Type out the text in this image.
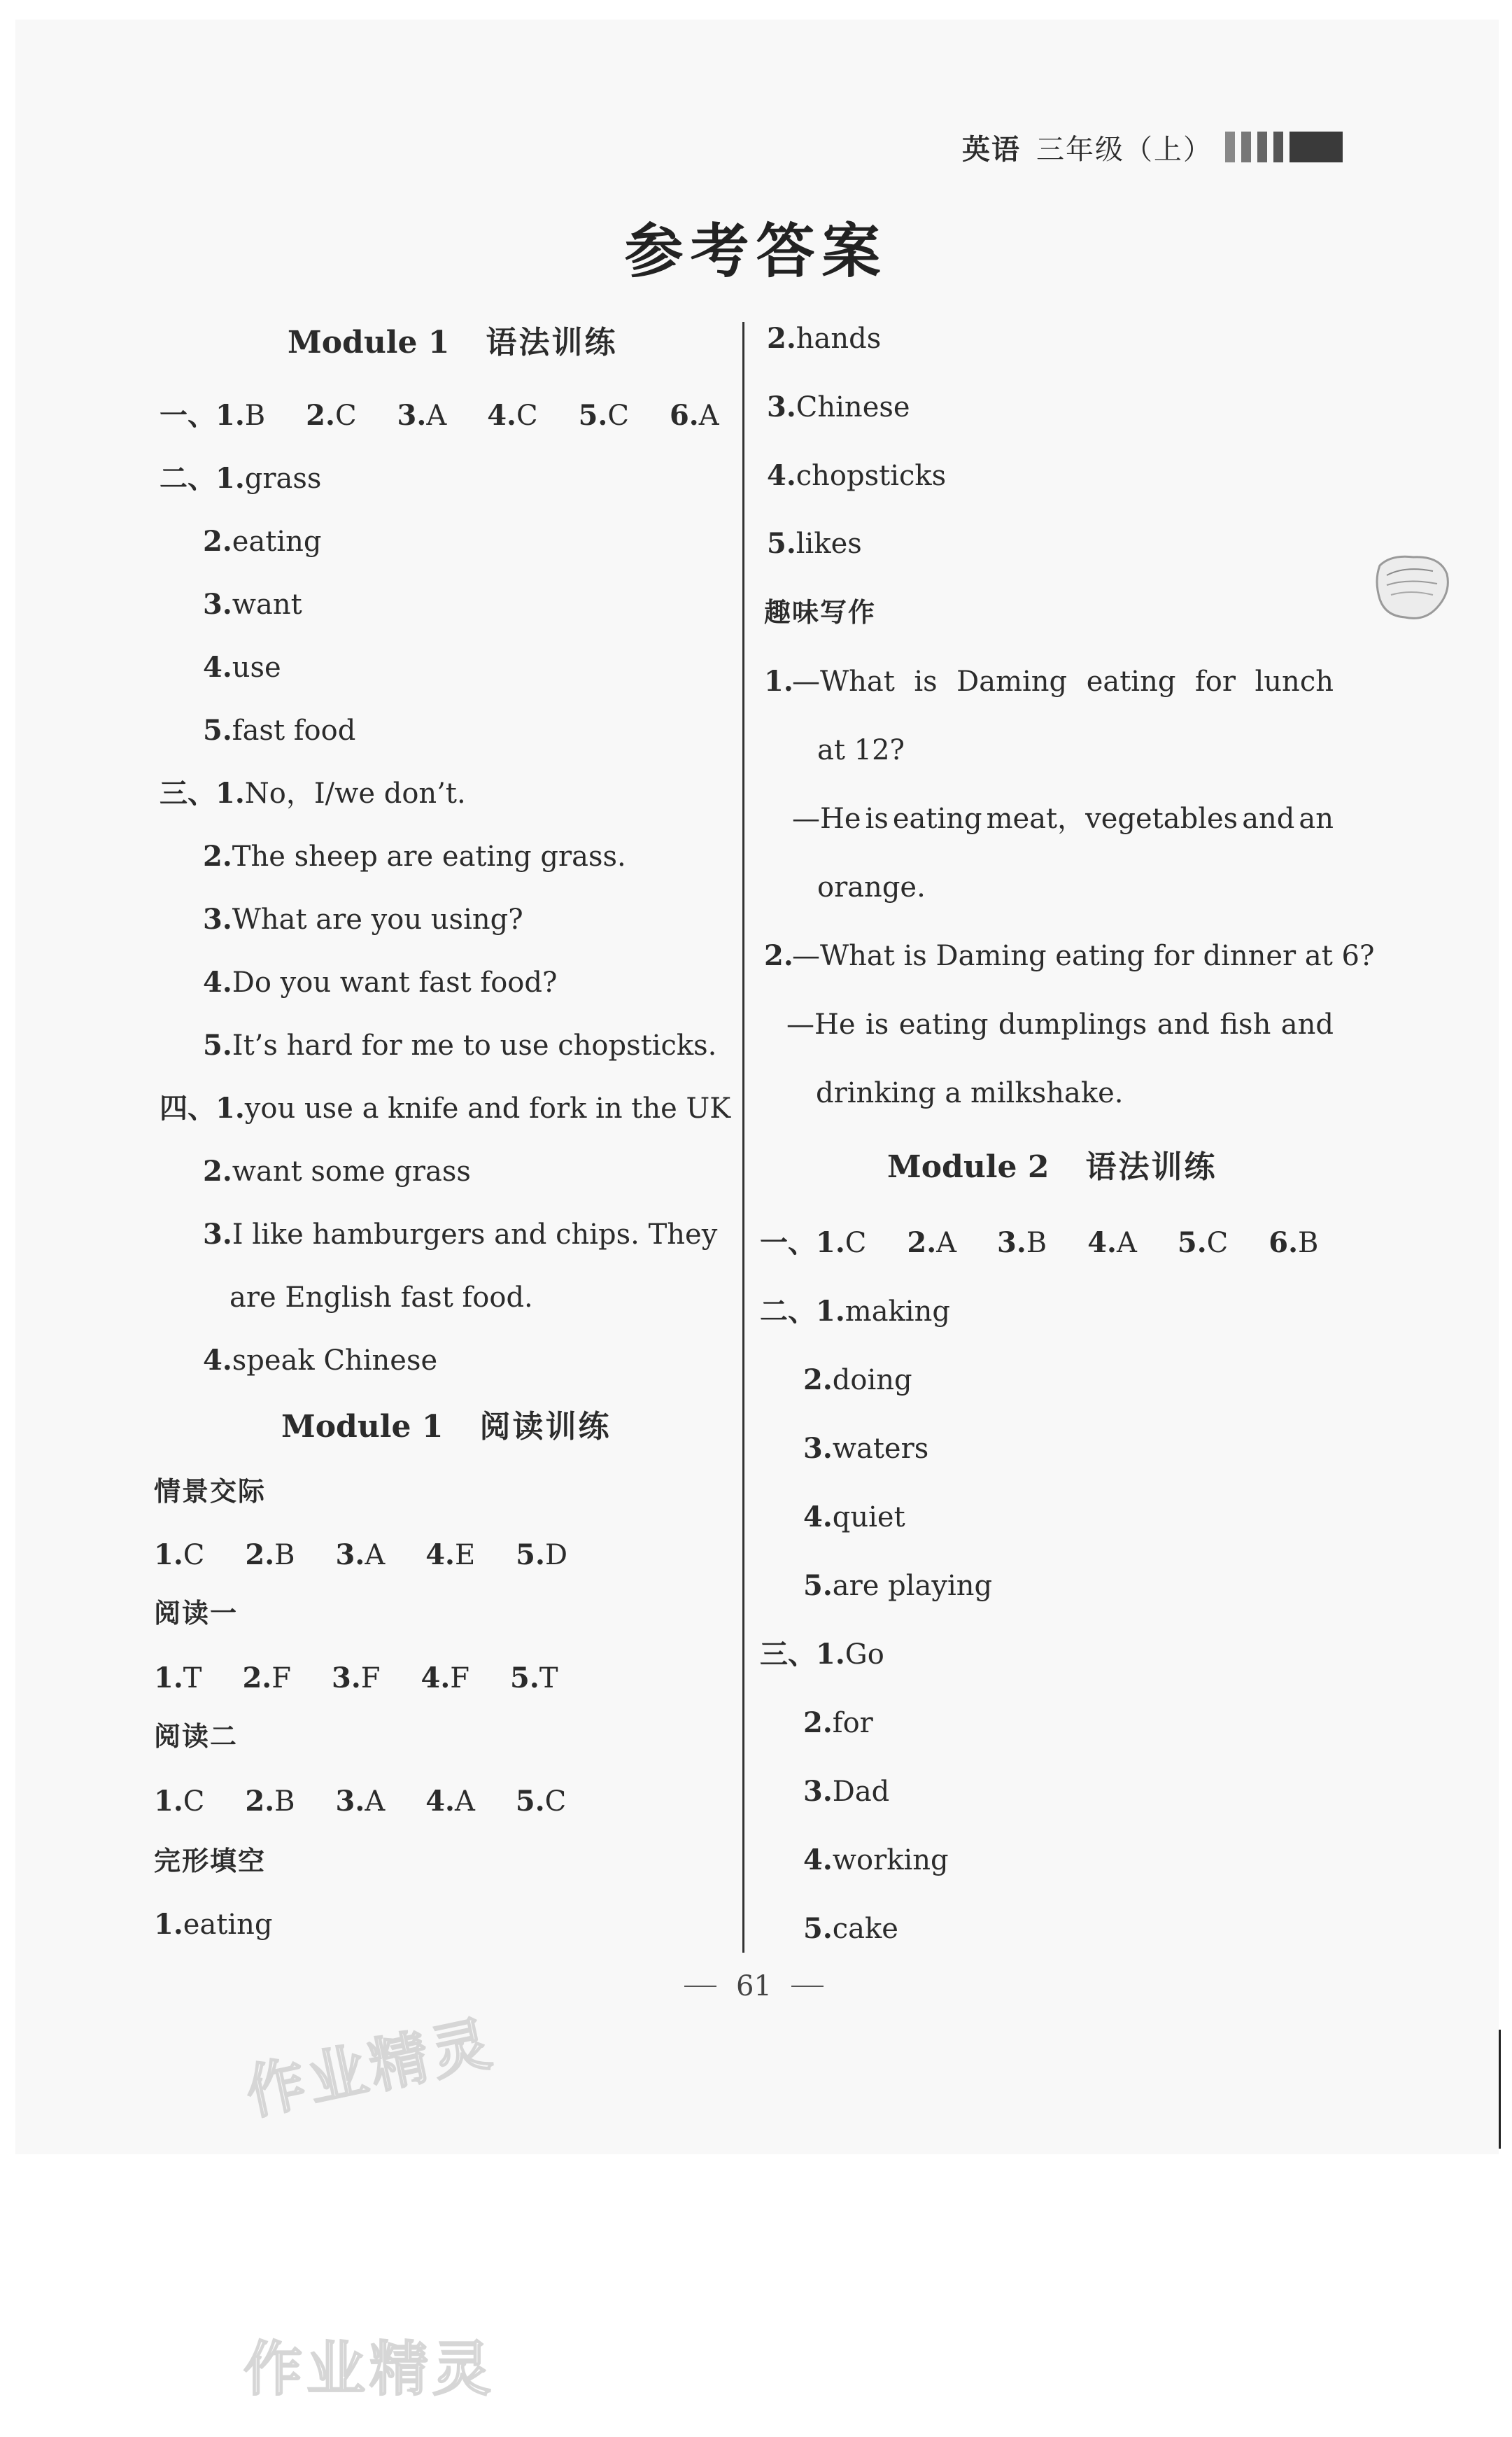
英语 三年级（上）
参考答案
Module 1 语法训练
一、1.B 2.C 3.A 4.C 5.C 6.A
二、1.grass
2.eating
3.want
4.use
5.fast food
三、1.No，I/we don’t.
2.The sheep are eating grass.
3.What are you using?
4.Do you want fast food?
5.It’s hard for me to use chopsticks.
四、1.you use a knife and fork in the UK
2.want some grass
3.I like hamburgers and chips. They
are English fast food.
4.speak Chinese
Module 1 阅读训练
情景交际
1.C 2.B 3.A 4.E 5.D
阅读一
1.T 2.F 3.F 4.F 5.T
阅读二
1.C 2.B 3.A 4.A 5.C
完形填空
1.eating
2.hands
3.Chinese
4.chopsticks
5.likes
趣味写作
1.
—What is Daming eating for lunch
at 12?
—He is eating meat，vegetables and an
orange.
2.
—What is Daming eating for dinner at 6?
—He is eating dumplings and fish and
drinking a milkshake.
Module 2 语法训练
一、1.C 2.A 3.B 4.A 5.C 6.B
二、1.making
2.doing
3.waters
4.quiet
5.are playing
三、1.Go
2.for
3.Dad
4.working
5.cake
61
作业精灵
作业精灵
